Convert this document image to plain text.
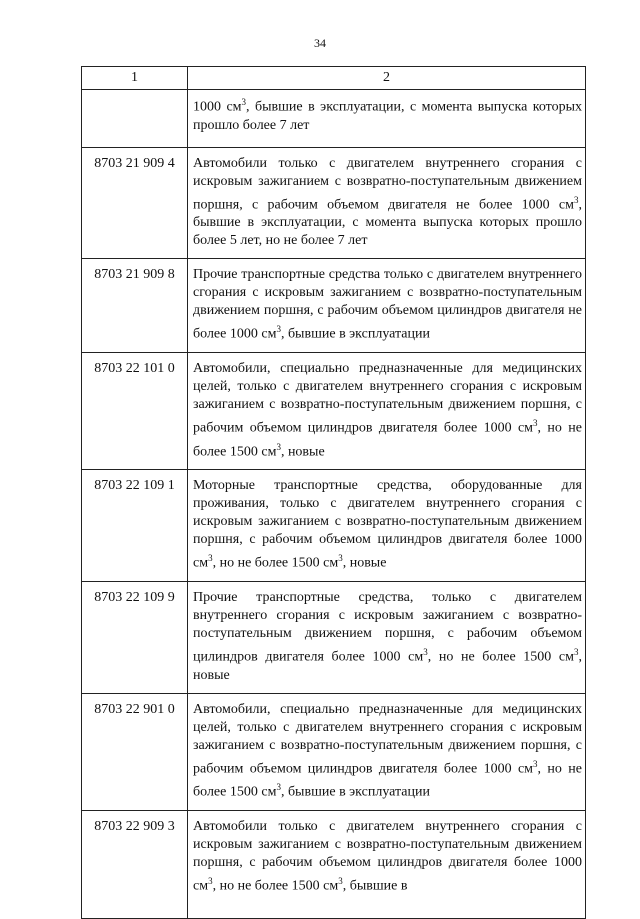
34
1	2
	1000 $см^3$, бывшие в эксплуатации, с момента выпуска которых прошло более 7 лет
8703 21 909 4	Автомобили только с двигателем внутреннего сгорания с искровым зажиганием с возвратно-поступательным движением поршня, с рабочим объемом двигателя не более 1000 $см^3$, бывшие в эксплуатации, с момента выпуска которых прошло более 5 лет, но не более 7 лет
8703 21 909 8	Прочие транспортные средства только с двигателем внутреннего сгорания с искровым зажиганием с возвратно-поступательным движением поршня, с рабочим объемом цилиндров двигателя не более 1000 $см^3$, бывшие в эксплуатации
8703 22 101 0	Автомобили, специально предназначенные для медицинских целей, только с двигателем внутреннего сгорания с искровым зажиганием с возвратно-поступательным движением поршня, с рабочим объемом цилиндров двигателя более 1000 $см^3$, но не более 1500 $см^3$, новые
8703 22 109 1	Моторные транспортные средства, оборудованные для проживания, только с двигателем внутреннего сгорания с искровым зажиганием с возвратно-поступательным движением поршня, с рабочим объемом цилиндров двигателя более 1000 $см^3$, но не более 1500 $см^3$, новые
8703 22 109 9	Прочие транспортные средства, только с двигателем внутреннего сгорания с искровым зажиганием с возвратно-поступательным движением поршня, с рабочим объемом цилиндров двигателя более 1000 $см^3$, но не более 1500 $см^3$, новые
8703 22 901 0	Автомобили, специально предназначенные для медицинских целей, только с двигателем внутреннего сгорания с искровым зажиганием с возвратно-поступательным движением поршня, с рабочим объемом цилиндров двигателя более 1000 $см^3$, но не более 1500 $см^3$, бывшие в эксплуатации
8703 22 909 3	Автомобили только с двигателем внутреннего сгорания с искровым зажиганием с возвратно-поступательным движением поршня, с рабочим объемом цилиндров двигателя более 1000 $см^3$, но не более 1500 $см^3$, бывшие в
